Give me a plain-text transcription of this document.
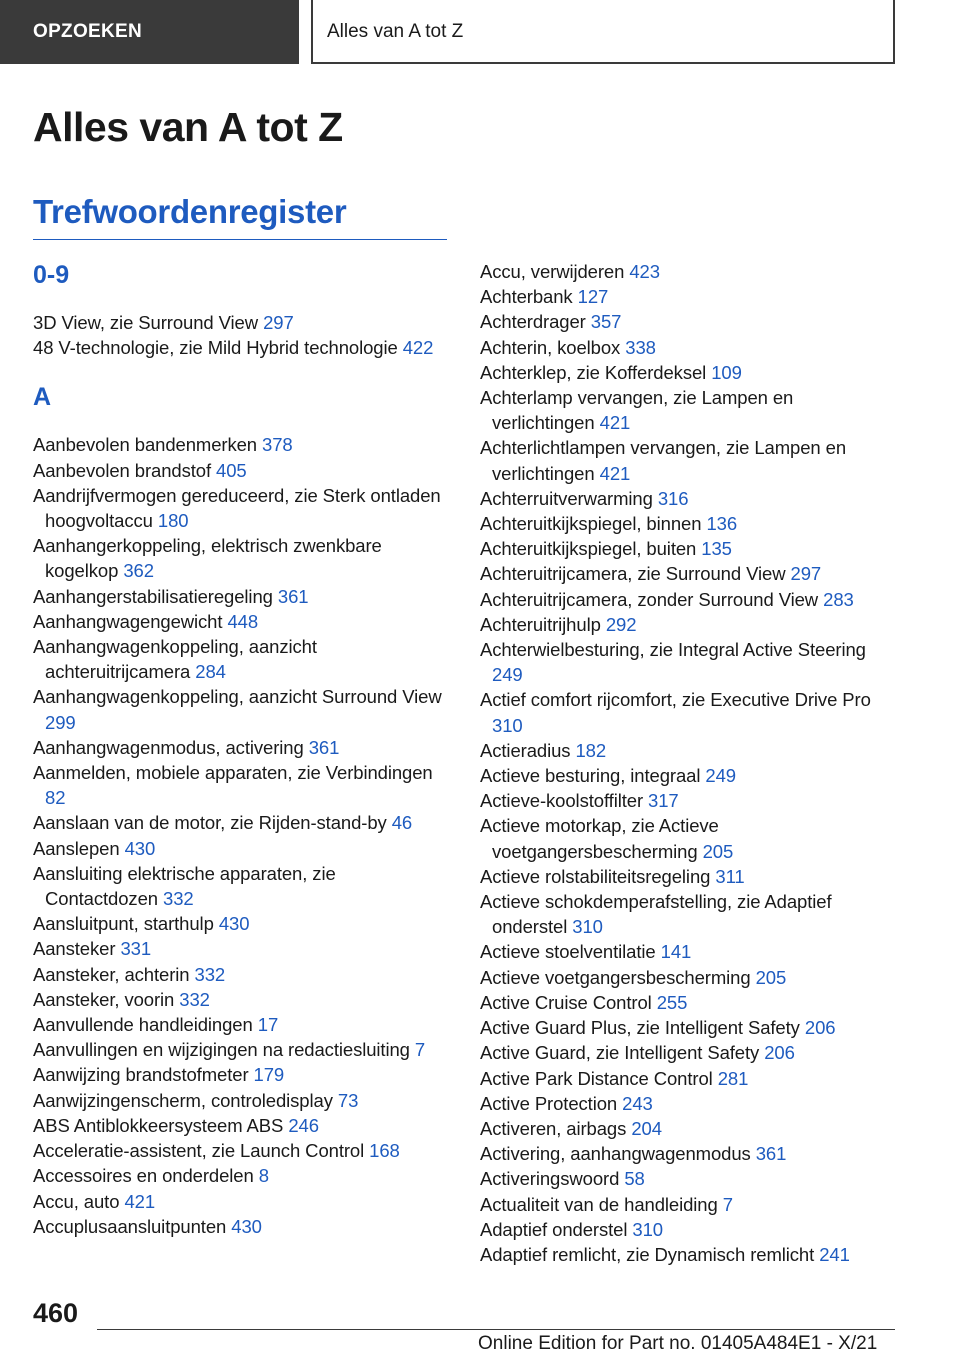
OPZOEKEN	Alles van A tot Z
Alles van A tot Z
Trefwoordenregister
0-9
3D View, zie Surround View 297
48 V-technologie, zie Mild Hybrid technologie 422
A
Aanbevolen bandenmerken 378
Aanbevolen brandstof 405
Aandrijfvermogen gereduceerd, zie Sterk ontladen hoogvoltaccu 180
Aanhangerkoppeling, elektrisch zwenkbare kogelkop 362
Aanhangerstabilisatieregeling 361
Aanhangwagengewicht 448
Aanhangwagenkoppeling, aanzicht achteruitrijcamera 284
Aanhangwagenkoppeling, aanzicht Surround View 299
Aanhangwagenmodus, activering 361
Aanmelden, mobiele apparaten, zie Verbindingen 82
Aanslaan van de motor, zie Rijden-stand-by 46
Aanslepen 430
Aansluiting elektrische apparaten, zie Contactdozen 332
Aansluitpunt, starthulp 430
Aansteker 331
Aansteker, achterin 332
Aansteker, voorin 332
Aanvullende handleidingen 17
Aanvullingen en wijzigingen na redactiesluiting 7
Aanwijzing brandstofmeter 179
Aanwijzingenscherm, controledisplay 73
ABS Antiblokkeersysteem ABS 246
Acceleratie-assistent, zie Launch Control 168
Accessoires en onderdelen 8
Accu, auto 421
Accuplusaansluitpunten 430
Accu, verwijderen 423
Achterbank 127
Achterdrager 357
Achterin, koelbox 338
Achterklep, zie Kofferdeksel 109
Achterlamp vervangen, zie Lampen en verlichtingen 421
Achterlichtlampen vervangen, zie Lampen en verlichtingen 421
Achterruitverwarming 316
Achteruitkijkspiegel, binnen 136
Achteruitkijkspiegel, buiten 135
Achteruitrijcamera, zie Surround View 297
Achteruitrijcamera, zonder Surround View 283
Achteruitrijhulp 292
Achterwielbesturing, zie Integral Active Steering 249
Actief comfort rijcomfort, zie Executive Drive Pro 310
Actieradius 182
Actieve besturing, integraal 249
Actieve-koolstoffilter 317
Actieve motorkap, zie Actieve voetgangersbescherming 205
Actieve rolstabiliteitsregeling 311
Actieve schokdemperafstelling, zie Adaptief onderstel 310
Actieve stoelventilatie 141
Actieve voetgangersbescherming 205
Active Cruise Control 255
Active Guard Plus, zie Intelligent Safety 206
Active Guard, zie Intelligent Safety 206
Active Park Distance Control 281
Active Protection 243
Activeren, airbags 204
Activering, aanhangwagenmodus 361
Activeringswoord 58
Actualiteit van de handleiding 7
Adaptief onderstel 310
Adaptief remlicht, zie Dynamisch remlicht 241
460
Online Edition for Part no. 01405A484E1 - X/21
